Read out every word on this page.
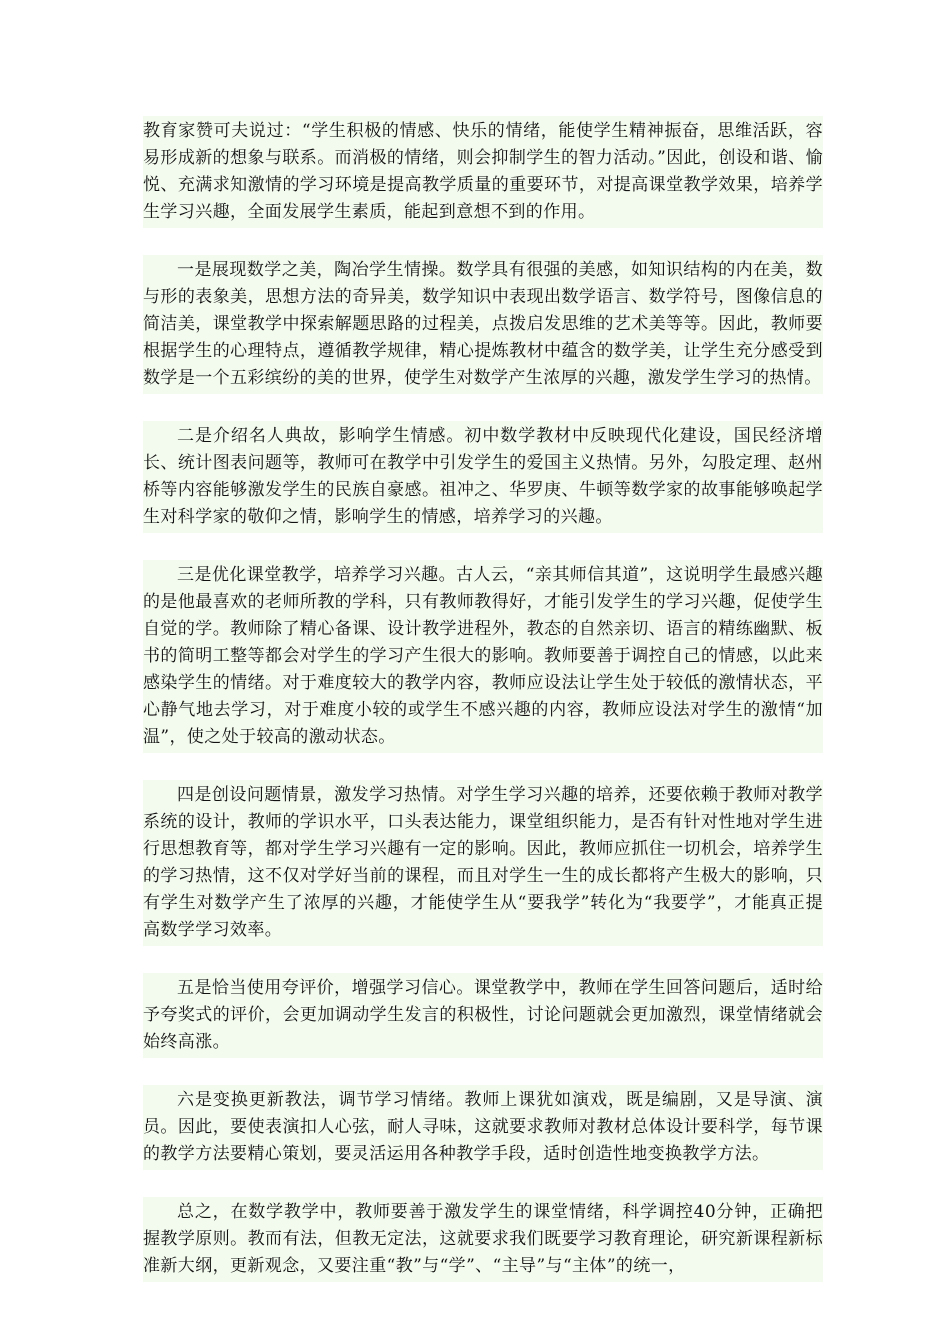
教育家赞可夫说过：“学生积极的情感、快乐的情绪，能使学生精神振奋，思维活跃，容易形成新的想象与联系。而消极的情绪，则会抑制学生的智力活动。”因此，创设和谐、愉悦、充满求知激情的学习环境是提高教学质量的重要环节，对提高课堂教学效果，培养学生学习兴趣，全面发展学生素质，能起到意想不到的作用。

一是展现数学之美，陶冶学生情操。数学具有很强的美感，如知识结构的内在美，数与形的表象美，思想方法的奇异美，数学知识中表现出数学语言、数学符号，图像信息的简洁美，课堂教学中探索解题思路的过程美，点拨启发思维的艺术美等等。因此，教师要根据学生的心理特点，遵循教学规律，精心提炼教材中蕴含的数学美，让学生充分感受到数学是一个五彩缤纷的美的世界，使学生对数学产生浓厚的兴趣，激发学生学习的热情。

二是介绍名人典故，影响学生情感。初中数学教材中反映现代化建设，国民经济增长、统计图表问题等，教师可在教学中引发学生的爱国主义热情。另外，勾股定理、赵州桥等内容能够激发学生的民族自豪感。祖冲之、华罗庚、牛顿等数学家的故事能够唤起学生对科学家的敬仰之情，影响学生的情感，培养学习的兴趣。

三是优化课堂教学，培养学习兴趣。古人云，“亲其师信其道”，这说明学生最感兴趣的是他最喜欢的老师所教的学科，只有教师教得好，才能引发学生的学习兴趣，促使学生自觉的学。教师除了精心备课、设计教学进程外，教态的自然亲切、语言的精练幽默、板书的简明工整等都会对学生的学习产生很大的影响。教师要善于调控自己的情感，以此来感染学生的情绪。对于难度较大的教学内容，教师应设法让学生处于较低的激情状态，平心静气地去学习，对于难度小较的或学生不感兴趣的内容，教师应设法对学生的激情“加温”，使之处于较高的激动状态。

四是创设问题情景，激发学习热情。对学生学习兴趣的培养，还要依赖于教师对教学系统的设计，教师的学识水平，口头表达能力，课堂组织能力，是否有针对性地对学生进行思想教育等，都对学生学习兴趣有一定的影响。因此，教师应抓住一切机会，培养学生的学习热情，这不仅对学好当前的课程，而且对学生一生的成长都将产生极大的影响，只有学生对数学产生了浓厚的兴趣，才能使学生从“要我学”转化为“我要学”，才能真正提高数学学习效率。

五是恰当使用夸评价，增强学习信心。课堂教学中，教师在学生回答问题后，适时给予夸奖式的评价，会更加调动学生发言的积极性，讨论问题就会更加激烈，课堂情绪就会始终高涨。

六是变换更新教法，调节学习情绪。教师上课犹如演戏，既是编剧，又是导演、演员。因此，要使表演扣人心弦，耐人寻味，这就要求教师对教材总体设计要科学，每节课的教学方法要精心策划，要灵活运用各种教学手段，适时创造性地变换教学方法。

总之，在数学教学中，教师要善于激发学生的课堂情绪，科学调控40分钟，正确把握教学原则。教而有法，但教无定法，这就要求我们既要学习教育理论，研究新课程新标准新大纲，更新观念，又要注重“教”与“学”、“主导”与“主体”的统一，
